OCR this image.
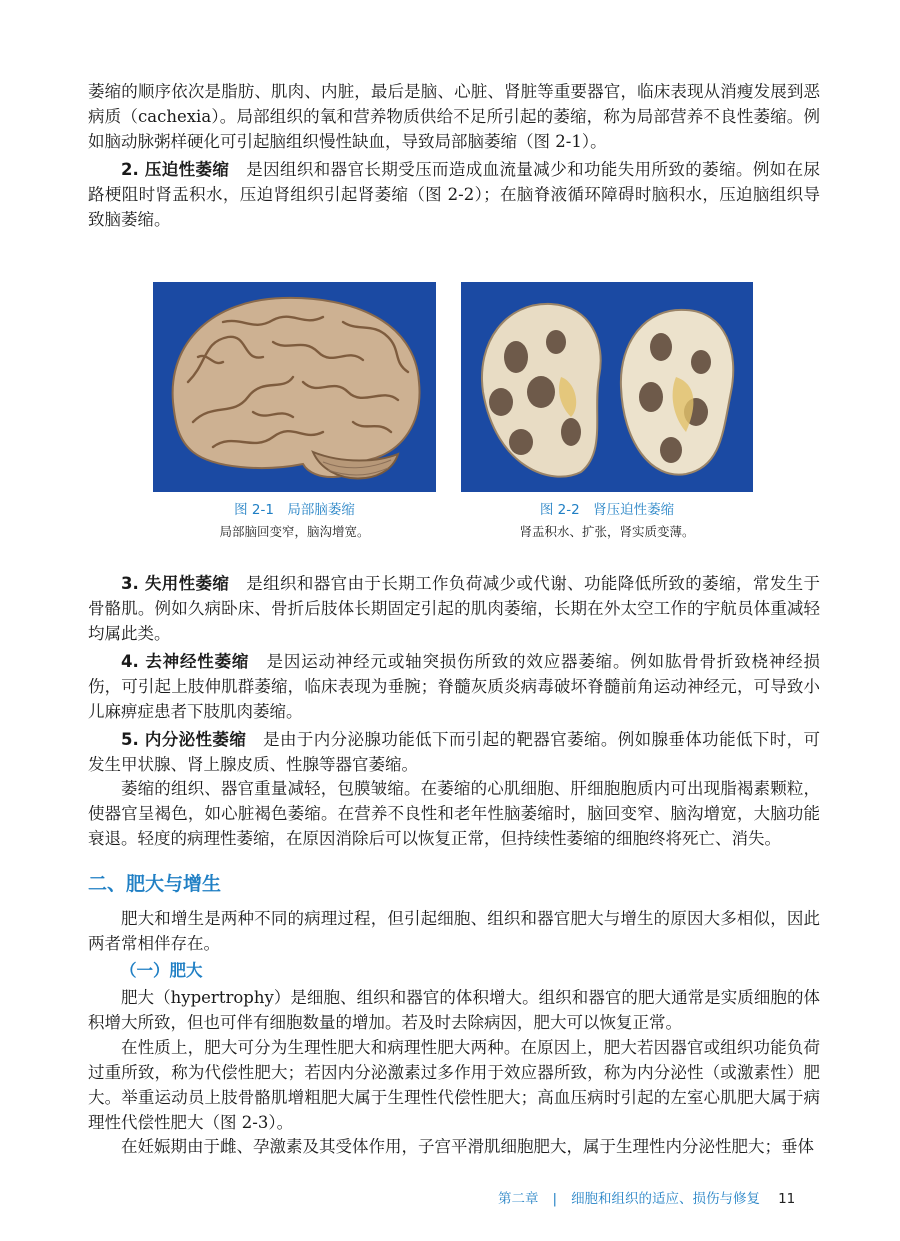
萎缩的顺序依次是脂肪、肌肉、内脏，最后是脑、心脏、肾脏等重要器官，临床表现从消瘦发展到恶病质（cachexia）。局部组织的氧和营养物质供给不足所引起的萎缩，称为局部营养不良性萎缩。例如脑动脉粥样硬化可引起脑组织慢性缺血，导致局部脑萎缩（图 2-1）。

2. 压迫性萎缩　是因组织和器官长期受压而造成血流量减少和功能失用所致的萎缩。例如在尿路梗阻时肾盂积水，压迫肾组织引起肾萎缩（图 2-2）；在脑脊液循环障碍时脑积水，压迫脑组织导致脑萎缩。

图 2-1　局部脑萎缩
局部脑回变窄，脑沟增宽。
图 2-2　肾压迫性萎缩
肾盂积水、扩张，肾实质变薄。

3. 失用性萎缩　是组织和器官由于长期工作负荷减少或代谢、功能降低所致的萎缩，常发生于骨骼肌。例如久病卧床、骨折后肢体长期固定引起的肌肉萎缩，长期在外太空工作的宇航员体重减轻均属此类。

4. 去神经性萎缩　是因运动神经元或轴突损伤所致的效应器萎缩。例如肱骨骨折致桡神经损伤，可引起上肢伸肌群萎缩，临床表现为垂腕；脊髓灰质炎病毒破坏脊髓前角运动神经元，可导致小儿麻痹症患者下肢肌肉萎缩。

5. 内分泌性萎缩　是由于内分泌腺功能低下而引起的靶器官萎缩。例如腺垂体功能低下时，可发生甲状腺、肾上腺皮质、性腺等器官萎缩。

萎缩的组织、器官重量减轻，包膜皱缩。在萎缩的心肌细胞、肝细胞胞质内可出现脂褐素颗粒，使器官呈褐色，如心脏褐色萎缩。在营养不良性和老年性脑萎缩时，脑回变窄、脑沟增宽，大脑功能衰退。轻度的病理性萎缩，在原因消除后可以恢复正常，但持续性萎缩的细胞终将死亡、消失。

二、肥大与增生

肥大和增生是两种不同的病理过程，但引起细胞、组织和器官肥大与增生的原因大多相似，因此两者常相伴存在。

（一）肥大

肥大（hypertrophy）是细胞、组织和器官的体积增大。组织和器官的肥大通常是实质细胞的体积增大所致，但也可伴有细胞数量的增加。若及时去除病因，肥大可以恢复正常。

在性质上，肥大可分为生理性肥大和病理性肥大两种。在原因上，肥大若因器官或组织功能负荷过重所致，称为代偿性肥大；若因内分泌激素过多作用于效应器所致，称为内分泌性（或激素性）肥大。举重运动员上肢骨骼肌增粗肥大属于生理性代偿性肥大；高血压病时引起的左室心肌肥大属于病理性代偿性肥大（图 2-3）。

在妊娠期由于雌、孕激素及其受体作用，子宫平滑肌细胞肥大，属于生理性内分泌性肥大；垂体

第二章 | 细胞和组织的适应、损伤与修复 11
